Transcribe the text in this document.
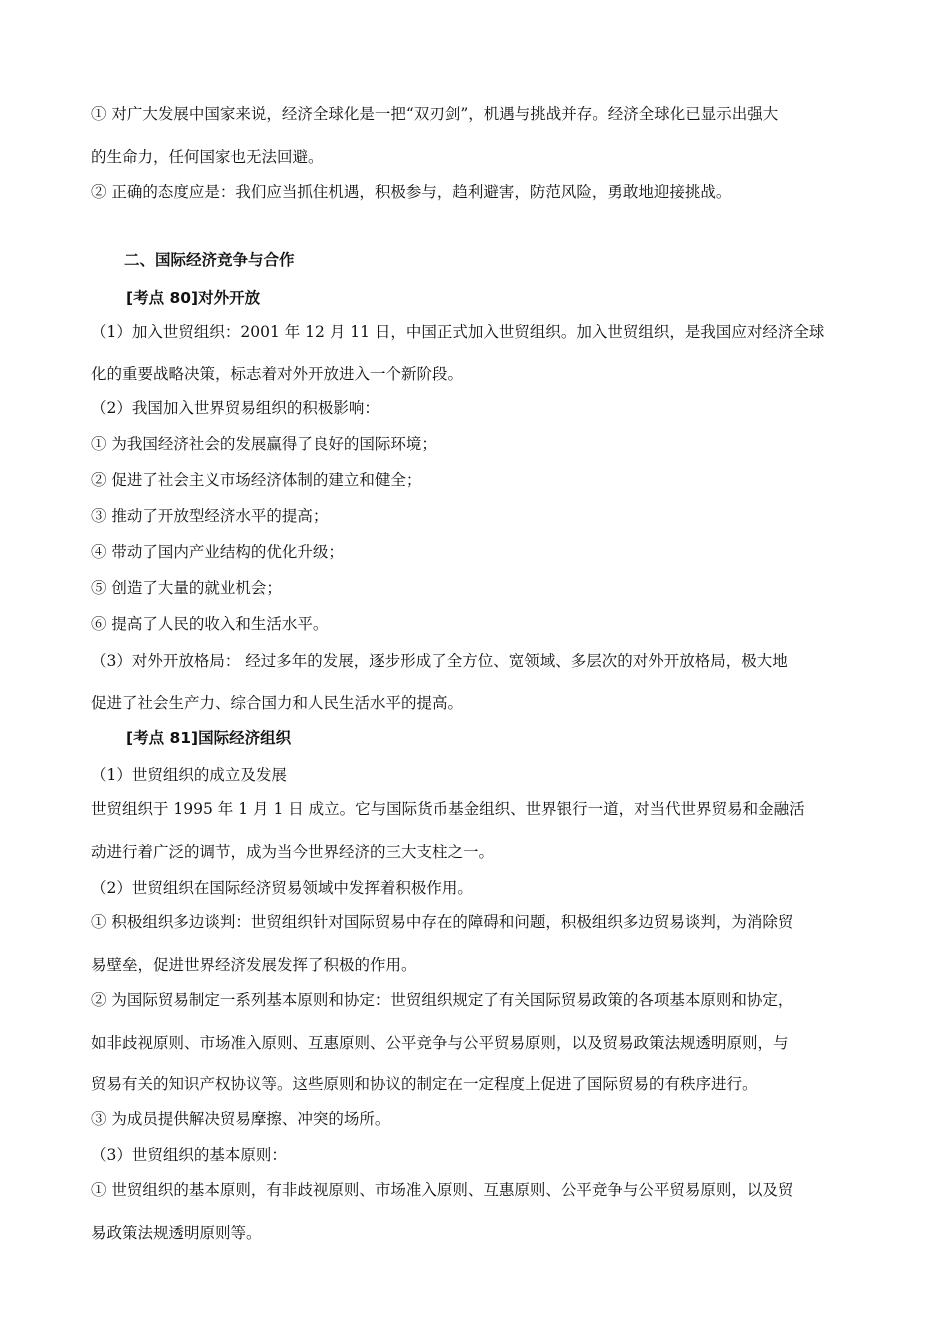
① 对广大发展中国家来说，经济全球化是一把“双刃剑”，机遇与挑战并存。经济全球化已显示出强大
的生命力，任何国家也无法回避。
② 正确的态度应是：我们应当抓住机遇，积极参与，趋利避害，防范风险，勇敢地迎接挑战。
二、国际经济竞争与合作
[考点 80]对外开放
（1）加入世贸组织：2001 年 12 月 11 日，中国正式加入世贸组织。加入世贸组织，是我国应对经济全球
化的重要战略决策，标志着对外开放进入一个新阶段。
（2）我国加入世界贸易组织的积极影响：
① 为我国经济社会的发展赢得了良好的国际环境；
② 促进了社会主义市场经济体制的建立和健全；
③ 推动了开放型经济水平的提高；
④ 带动了国内产业结构的优化升级；
⑤ 创造了大量的就业机会；
⑥ 提高了人民的收入和生活水平。
（3）对外开放格局： 经过多年的发展，逐步形成了全方位、宽领域、多层次的对外开放格局，极大地
促进了社会生产力、综合国力和人民生活水平的提高。
[考点 81]国际经济组织
（1）世贸组织的成立及发展
世贸组织于 1995 年 1 月 1 日 成立。它与国际货币基金组织、世界银行一道，对当代世界贸易和金融活
动进行着广泛的调节，成为当今世界经济的三大支柱之一。
（2）世贸组织在国际经济贸易领域中发挥着积极作用。
① 积极组织多边谈判：世贸组织针对国际贸易中存在的障碍和问题，积极组织多边贸易谈判，为消除贸
易壁垒，促进世界经济发展发挥了积极的作用。
② 为国际贸易制定一系列基本原则和协定：世贸组织规定了有关国际贸易政策的各项基本原则和协定，
如非歧视原则、市场准入原则、互惠原则、公平竞争与公平贸易原则，以及贸易政策法规透明原则，与
贸易有关的知识产权协议等。这些原则和协议的制定在一定程度上促进了国际贸易的有秩序进行。
③ 为成员提供解决贸易摩擦、冲突的场所。
（3）世贸组织的基本原则：
① 世贸组织的基本原则，有非歧视原则、市场准入原则、互惠原则、公平竞争与公平贸易原则，以及贸
易政策法规透明原则等。
